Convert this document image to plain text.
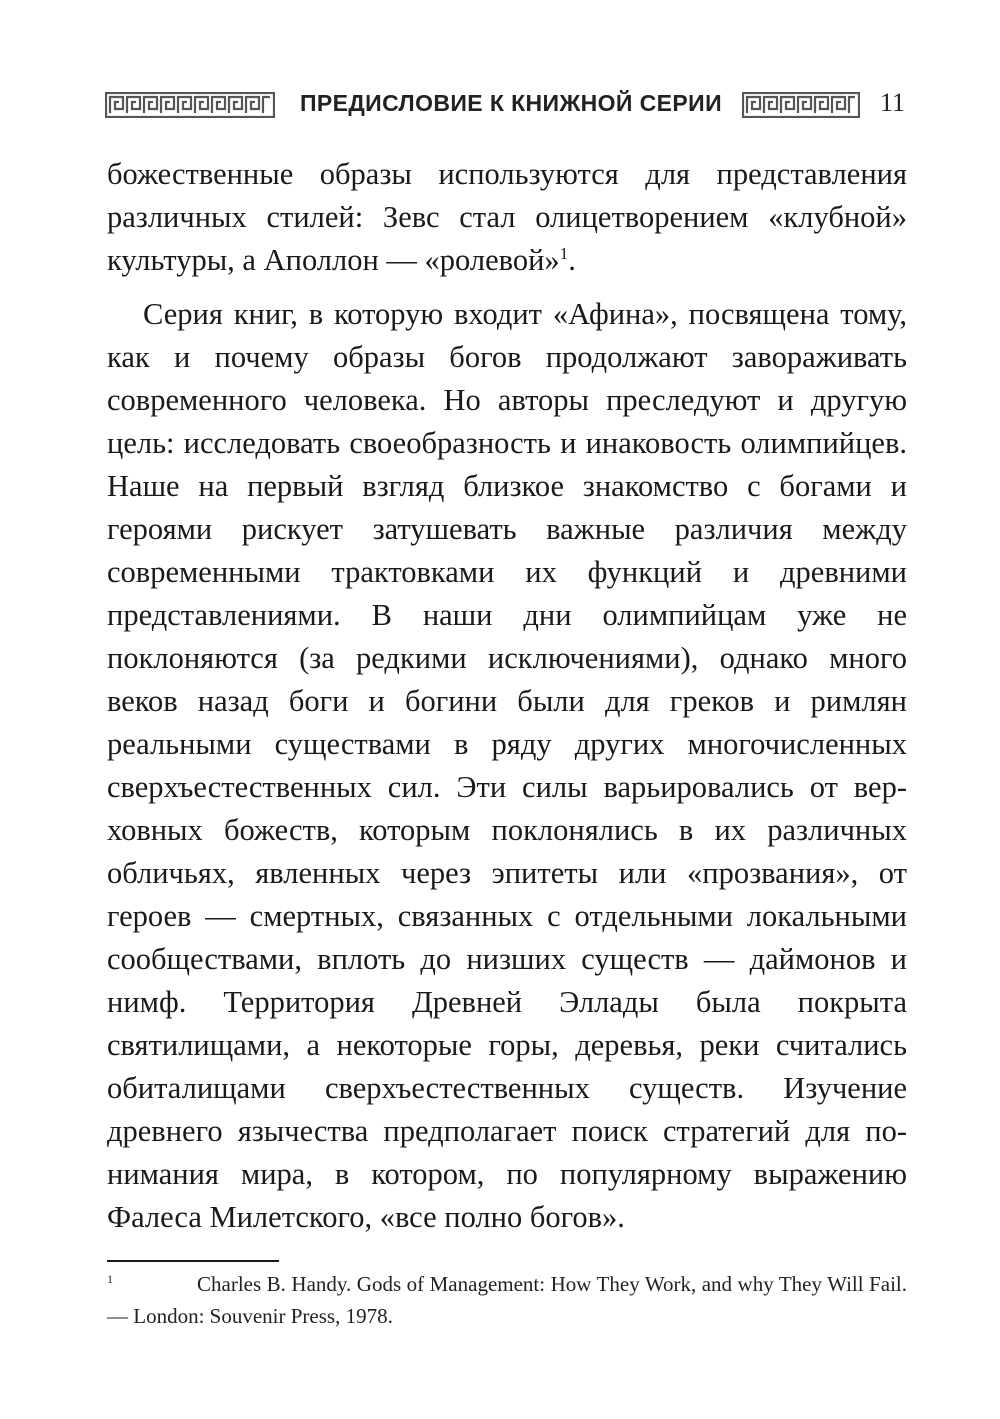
ПРЕДИСЛОВИЕ К КНИЖНОЙ СЕРИИ	11

божественные образы используются для представления различных стилей: Зевс стал олицетворением «клубной» культуры, а Аполлон — «ролевой»$^1$.

Серия книг, в которую входит «Афина», посвящена тому, как и почему образы богов продолжают завораживать современного человека. Но авторы преследуют и другую цель: исследовать своеобразность и инаковость олимпийцев. Наше на первый взгляд близкое знакомство с богами и героями рискует затушевать важные различия между современными трактовками их функций и древними представлениями. В наши дни олимпийцам уже не поклоняются (за редкими исключениями), однако много веков назад боги и богини были для греков и римлян реальными существами в ряду других многочисленных сверхъестественных сил. Эти силы варьировались от верховных божеств, которым поклонялись в их различных обличьях, явленных через эпитеты или «прозвания», от героев — смертных, связанных с отдельными локальными сообществами, вплоть до низших существ — даймонов и нимф. Территория Древней Эллады была покрыта святилищами, а некоторые горы, деревья, реки считались обиталищами сверхъестественных существ. Изучение древнего язычества предполагает поиск стратегий для понимания мира, в котором, по популярному выражению Фалеса Милетского, «все полно богов».

1	Charles B. Handy. Gods of Management: How They Work, and why They Will Fail. — London: Souvenir Press, 1978.
